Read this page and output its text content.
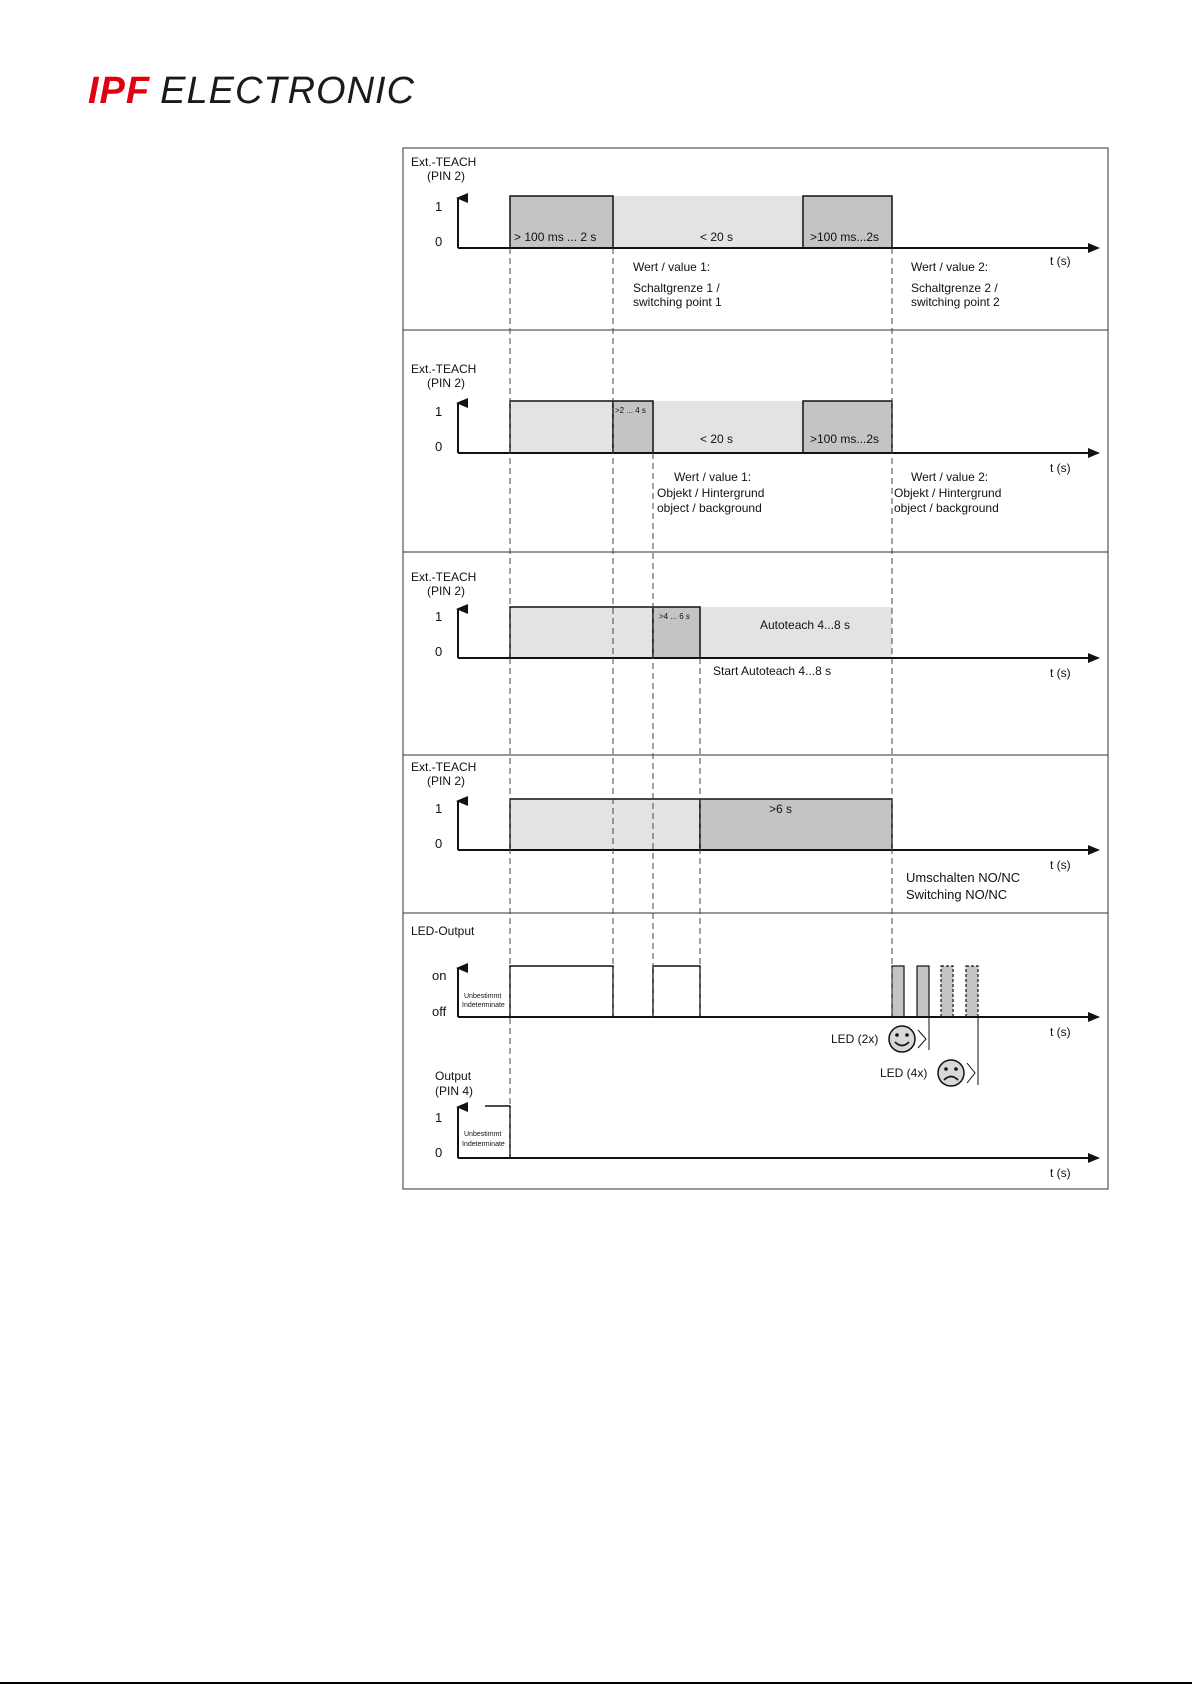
IPF ELECTRONIC
Ext.-TEACH
(PIN 2)
1
0	> 100 ms ... 2 s	< 20 s	>100 ms...2s
t (s)
Wert / value 1:
Schaltgrenze 1 /
switching point 1
Wert / value 2:
Schaltgrenze 2 /
switching point 2
Ext.-TEACH
(PIN 2)
1
0
>2 ... 4 s
< 20 s	>100 ms...2s
t (s)
Wert / value 1:
Objekt / Hintergrund
object / background
Wert / value 2:
Objekt / Hintergrund
object / background
Ext.-TEACH
(PIN 2)
1
0
>4 ... 6 s
Autoteach 4...8 s
t (s)
Start Autoteach 4...8 s
Ext.-TEACH
(PIN 2)
1
0
>6 s
t (s)
Umschalten NO/NC
Switching NO/NC
LED-Output
on
off
Unbestimmt
Indeterminate
t (s)
LED (2x)
LED (4x)
Output
(PIN 4)
1
0
Unbestimmt
Indeterminate
t (s)
